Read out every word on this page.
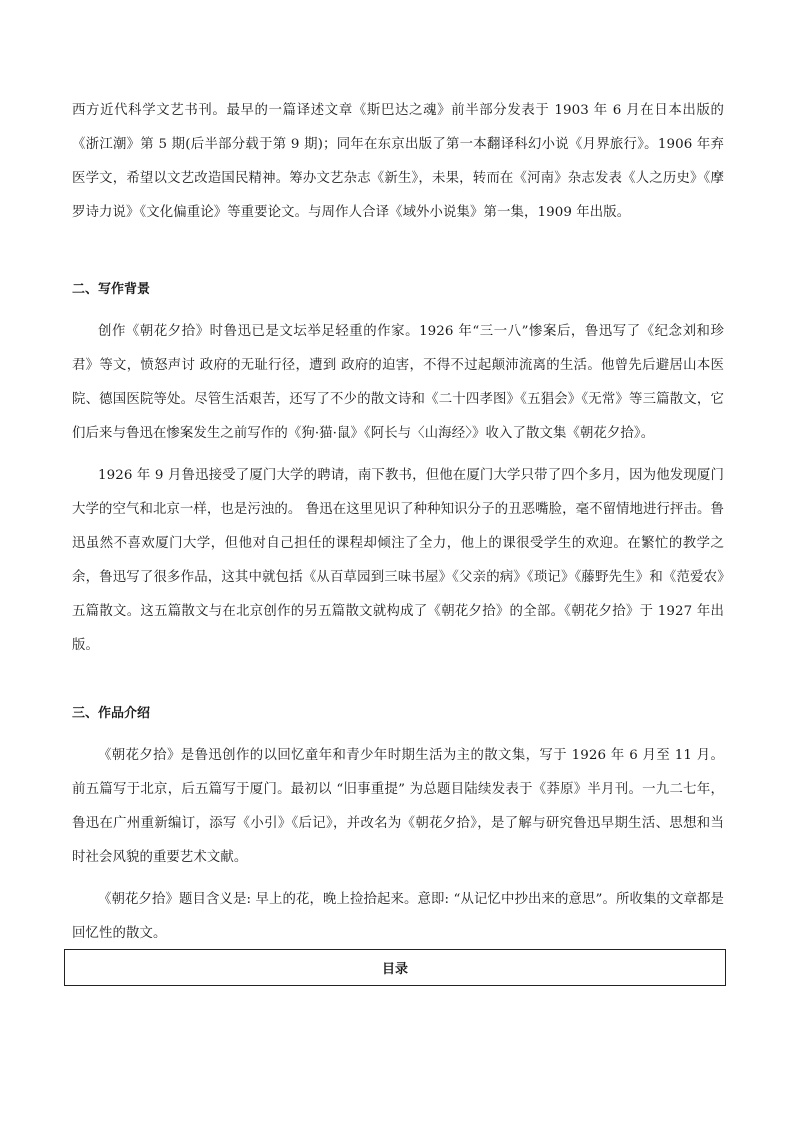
西方近代科学文艺书刊。最早的一篇译述文章《斯巴达之魂》前半部分发表于 1903 年 6 月在日本出版的《浙江潮》第 5 期(后半部分载于第 9 期)；同年在东京出版了第一本翻译科幻小说《月界旅行》。1906 年弃医学文，希望以文艺改造国民精神。筹办文艺杂志《新生》，未果，转而在《河南》杂志发表《人之历史》《摩罗诗力说》《文化偏重论》等重要论文。与周作人合译《域外小说集》第一集，1909 年出版。

二、写作背景

创作《朝花夕拾》时鲁迅已是文坛举足轻重的作家。1926 年“三一八”惨案后，鲁迅写了《纪念刘和珍君》等文，愤怒声讨 政府的无耻行径，遭到 政府的迫害，不得不过起颠沛流离的生活。他曾先后避居山本医院、德国医院等处。尽管生活艰苦，还写了不少的散文诗和《二十四孝图》《五猖会》《无常》等三篇散文，它们后来与鲁迅在惨案发生之前写作的《狗·猫·鼠》《阿长与〈山海经〉》收入了散文集《朝花夕拾》。

1926 年 9 月鲁迅接受了厦门大学的聘请，南下教书，但他在厦门大学只带了四个多月，因为他发现厦门大学的空气和北京一样，也是污浊的。 鲁迅在这里见识了种种知识分子的丑恶嘴脸，毫不留情地进行抨击。鲁迅虽然不喜欢厦门大学，但他对自己担任的课程却倾注了全力，他上的课很受学生的欢迎。在繁忙的教学之余，鲁迅写了很多作品，这其中就包括《从百草园到三味书屋》《父亲的病》《琐记》《藤野先生》和《范爱农》五篇散文。这五篇散文与在北京创作的另五篇散文就构成了《朝花夕拾》的全部。《朝花夕拾》于 1927 年出版。

三、作品介绍

《朝花夕拾》是鲁迅创作的以回忆童年和青少年时期生活为主的散文集，写于 1926 年 6 月至 11 月。前五篇写于北京，后五篇写于厦门。最初以 “旧事重提” 为总题目陆续发表于《莽原》半月刊。一九二七年，鲁迅在广州重新编订，添写《小引》《后记》，并改名为《朝花夕拾》，是了解与研究鲁迅早期生活、思想和当时社会风貌的重要艺术文献。

《朝花夕拾》题目含义是: 早上的花，晚上捡拾起来。意即: “从记忆中抄出来的意思”。所收集的文章都是回忆性的散文。

目录
